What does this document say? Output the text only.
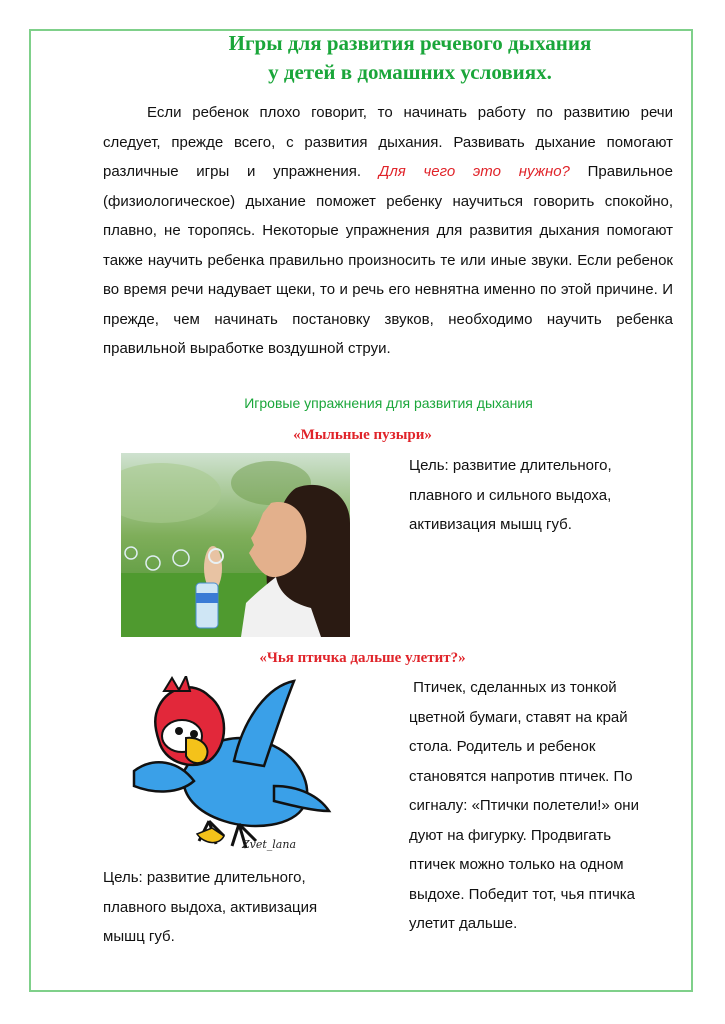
Игры для развития речевого дыхания
у детей в домашних условиях.
Если ребенок плохо говорит, то начинать работу по развитию речи следует, прежде всего, с развития дыхания. Развивать дыхание помогают различные игры и упражнения. Для чего это нужно? Правильное (физиологическое) дыхание поможет ребенку научиться говорить спокойно, плавно, не торопясь. Некоторые упражнения для развития дыхания помогают также научить ребенка правильно произносить те или иные звуки. Если ребенок во время речи надувает щеки, то и речь его невнятна именно по этой причине. И прежде, чем начинать постановку звуков, необходимо научить ребенка правильной выработке воздушной струи.
Игровые упражнения для развития дыхания
«Мыльные пузыри»
Цель: развитие длительного,
плавного и сильного выдоха,
активизация мышц губ.
«Чья птичка дальше улетит?»
Zvet_lana
Птичек, сделанных из тонкой
цветной бумаги, ставят на край
стола. Родитель и ребенок
становятся напротив птичек. По
сигналу: «Птички полетели!» они
дуют на фигурку. Продвигать
птичек можно только на одном
выдохе. Победит тот, чья птичка
улетит дальше.
Цель: развитие длительного,
плавного выдоха, активизация
мышц губ.
